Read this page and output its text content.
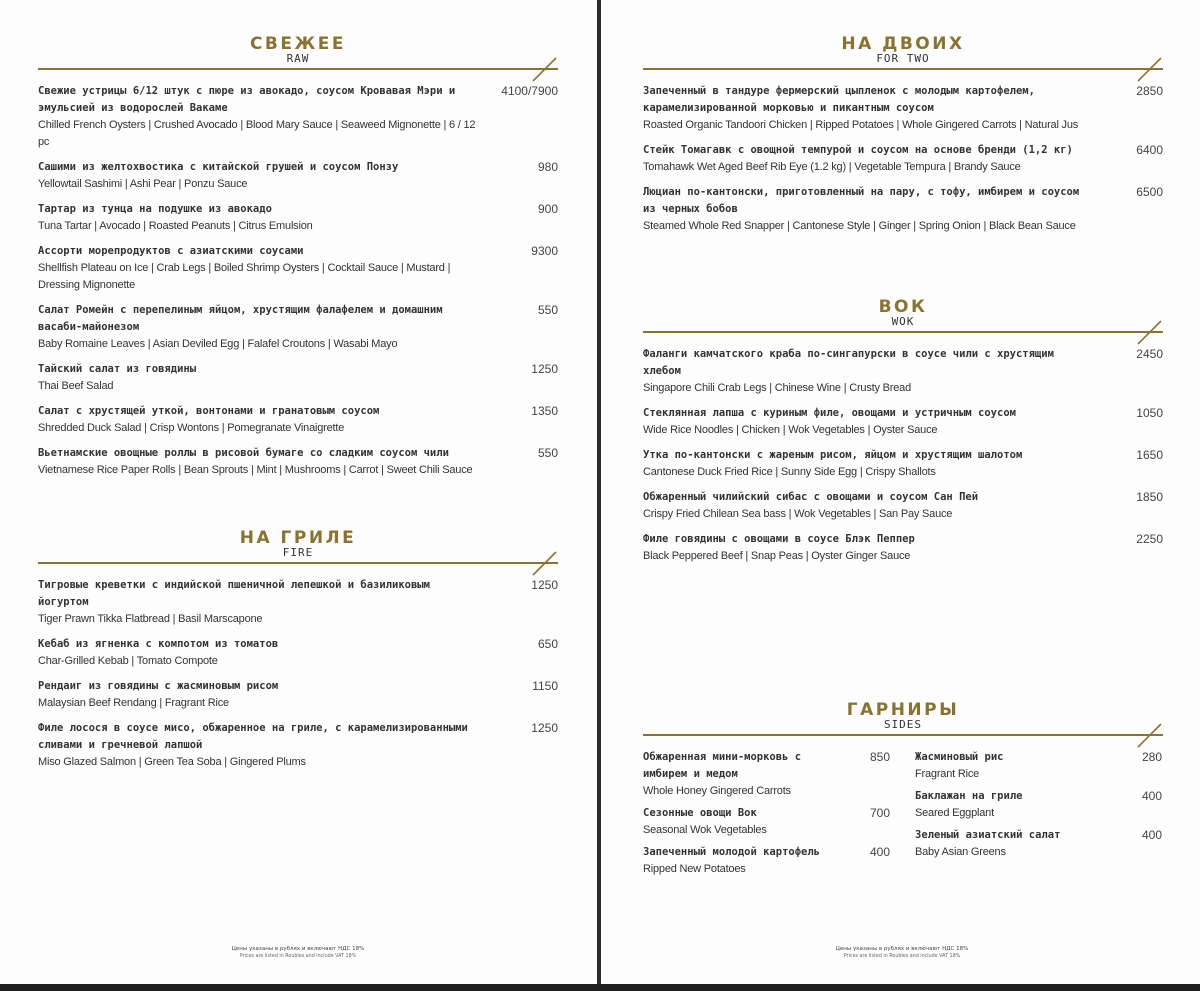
СВЕЖЕЕ
RAW
Свежие устрицы 6/12 штук с пюре из авокадо, соусом Кровавая Мэри и эмульсией из водорослей Вакаме
4100/7900
Chilled French Oysters | Crushed Avocado | Blood Mary Sauce | Seaweed Mignonette | 6 / 12 pc
Сашими из желтохвостика с китайской грушей и соусом Понзу	980
Yellowtail Sashimi | Ashi Pear | Ponzu Sauce
Тартар из тунца на подушке из авокадо	900
Tuna Tartar | Avocado | Roasted Peanuts | Citrus Emulsion
Ассорти морепродуктов с азиатскими соусами	9300
Shellfish Plateau on Ice | Crab Legs | Boiled Shrimp Oysters | Cocktail Sauce | Mustard | Dressing Mignonette
Салат Ромейн с перепелиным яйцом, хрустящим фалафелем и домашним васаби-майонезом
550
Baby Romaine Leaves | Asian Deviled Egg | Falafel Croutons | Wasabi Mayo
Тайский салат из говядины	1250
Thai Beef Salad
Салат с хрустящей уткой, вонтонами и гранатовым соусом	1350
Shredded Duck Salad | Crisp Wontons | Pomegranate Vinaigrette
Вьетнамские овощные роллы в рисовой бумаге со сладким соусом чили	550
Vietnamese Rice Paper Rolls | Bean Sprouts | Mint | Mushrooms | Carrot | Sweet Chili Sauce
НА ГРИЛЕ
FIRE
Тигровые креветки с индийской пшеничной лепешкой и базиликовым йогуртом
1250
Tiger Prawn Tikka Flatbread | Basil Marscapone
Кебаб из ягненка с компотом из томатов	650
Char-Grilled Kebab | Tomato Compote
Рендаиг из говядины с жасминовым рисом	1150
Malaysian Beef Rendang | Fragrant Rice
Филе лосося в соусе мисо, обжаренное на гриле, с карамелизированными сливами и гречневой лапшой
1250
Miso Glazed Salmon | Green Tea Soba | Gingered Plums
НА ДВОИХ
FOR TWO
Запеченный в тандуре фермерский цыпленок с молодым картофелем, карамелизированной морковью и пикантным соусом
2850
Roasted Organic Tandoori Chicken | Ripped Potatoes | Whole Gingered Carrots | Natural Jus
Стейк Томагавк с овощной темпурой и соусом на основе бренди (1,2 кг)	6400
Tomahawk Wet Aged Beef Rib Eye (1.2 kg) | Vegetable Tempura | Brandy Sauce
Люциан по-кантонски, приготовленный на пару, с тофу, имбирем и соусом из черных бобов
6500
Steamed Whole Red Snapper | Cantonese Style | Ginger | Spring Onion | Black Bean Sauce
ВОК
WOK
Фаланги камчатского краба по-сингапурски в соусе чили с хрустящим хлебом
2450
Singapore Chili Crab Legs | Chinese Wine | Crusty Bread
Стеклянная лапша с куриным филе, овощами и устричным соусом	1050
Wide Rice Noodles | Chicken | Wok Vegetables | Oyster Sauce
Утка по-кантонски с жареным рисом, яйцом и хрустящим шалотом	1650
Cantonese Duck Fried Rice | Sunny Side Egg | Crispy Shallots
Обжаренный чилийский сибас с овощами и соусом Сан Пей	1850
Crispy Fried Chilean Sea bass | Wok Vegetables | San Pay Sauce
Филе говядины с овощами в соусе Блэк Пеппер	2250
Black Peppered Beef | Snap Peas | Oyster Ginger Sauce
ГАРНИРЫ
SIDES
Обжаренная мини-морковь с имбирем и медом
850
Whole Honey Gingered Carrots
Сезонные овощи Вок	700
Seasonal Wok Vegetables
Запеченный молодой картофель	400
Ripped New Potatoes
Жасминовый рис	280
Fragrant Rice
Баклажан на гриле	400
Seared Eggplant
Зеленый азиатский салат	400
Baby Asian Greens
Цены указаны в рублях и включают НДС 18%
Prices are listed in Roubles and include VAT 18%
Цены указаны в рублях и включают НДС 18%
Prices are listed in Roubles and include VAT 18%
